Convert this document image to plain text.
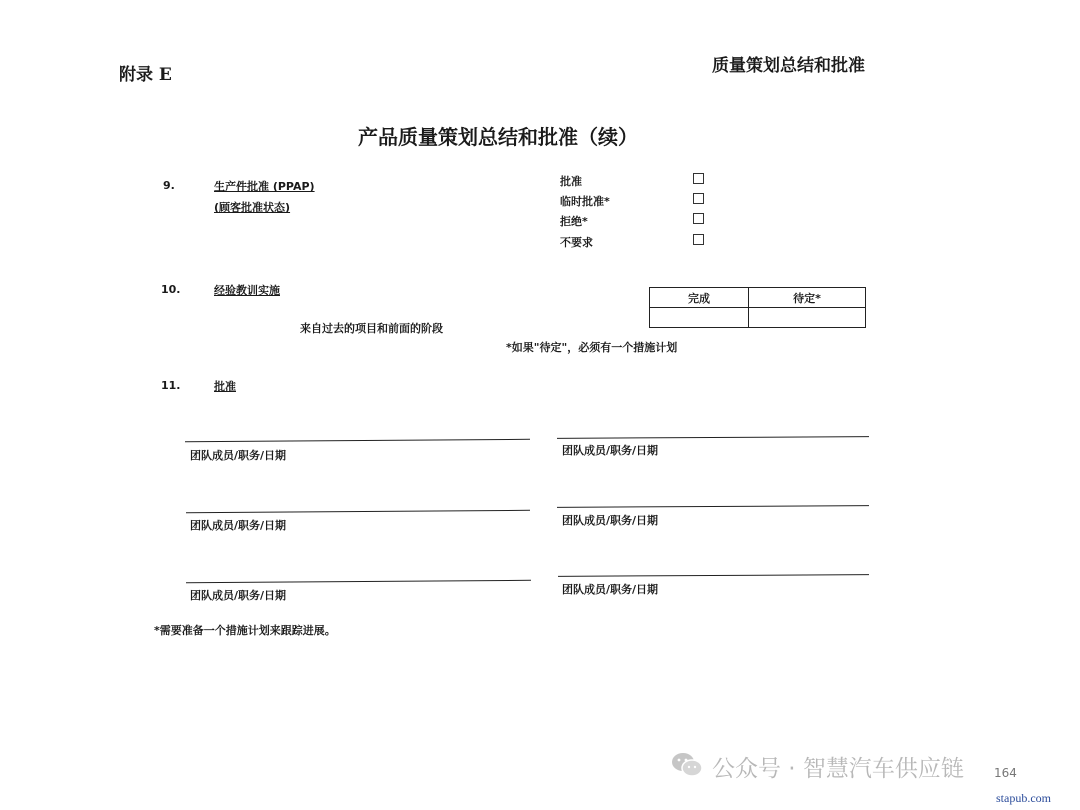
附录 E	质量策划总结和批准
产品质量策划总结和批准（续）
9.	生产件批准 (PPAP)
(顾客批准状态)
批准
临时批准*
拒绝*
不要求
10.	经验教训实施
来自过去的项目和前面的阶段
完成	待定*

*如果"待定"，必须有一个措施计划
11.	批准
团队成员/职务/日期	团队成员/职务/日期
团队成员/职务/日期	团队成员/职务/日期
团队成员/职务/日期	团队成员/职务/日期
*需要准备一个措施计划来跟踪进展。
公众号 · 智慧汽车供应链	164
stapub.com
